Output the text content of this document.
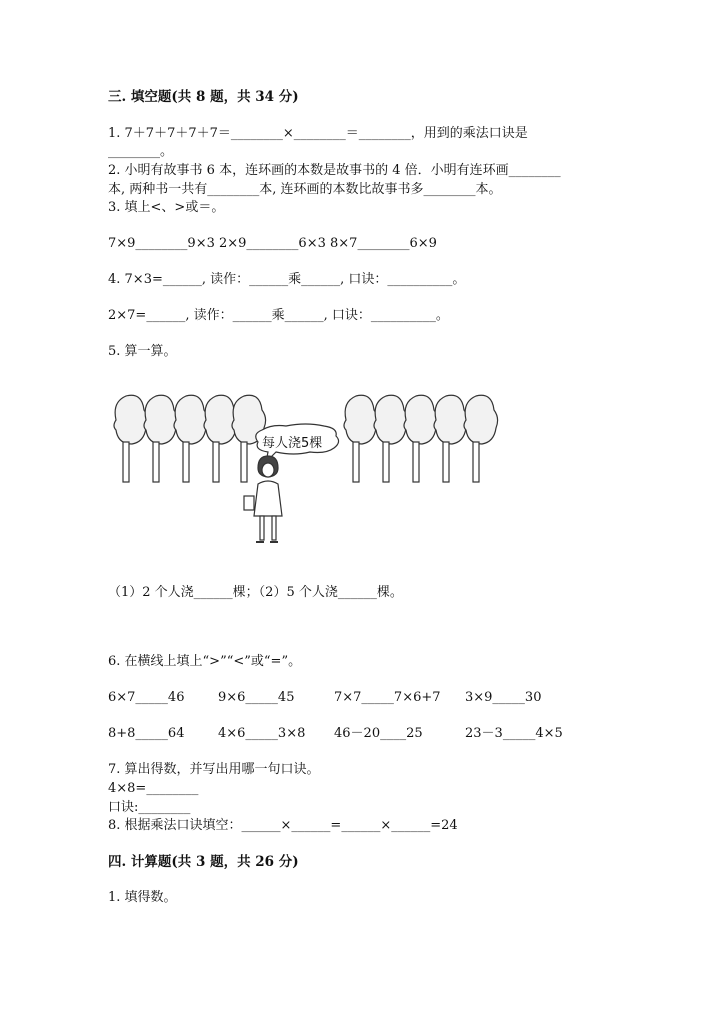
三. 填空题(共 8 题，共 34 分)
1. 7＋7＋7＋7＋7＝________×________＝________，用到的乘法口诀是
________。
2. 小明有故事书 6 本，连环画的本数是故事书的 4 倍．小明有连环画________
本, 两种书一共有________本, 连环画的本数比故事书多________本。
3. 填上<、>或＝。
7×9________9×3 2×9________6×3 8×7________6×9
4. 7×3=______, 读作：______乘______, 口诀：__________。
2×7=______, 读作：______乘______, 口诀：__________。
5. 算一算。
每人浇5棵
（1）2 个人浇______棵；（2）5 个人浇______棵。
6. 在横线上填上“>”“<”或“=”。
6×7_____46	9×6_____45	7×7_____7×6+7 3×9_____30
8+8_____64	4×6_____3×8 46－20____25	23－3_____4×5
7. 算出得数，并写出用哪一句口诀。
4×8=________
口诀:________
8. 根据乘法口诀填空：______×______=______×______=24
四. 计算题(共 3 题，共 26 分)
1. 填得数。
